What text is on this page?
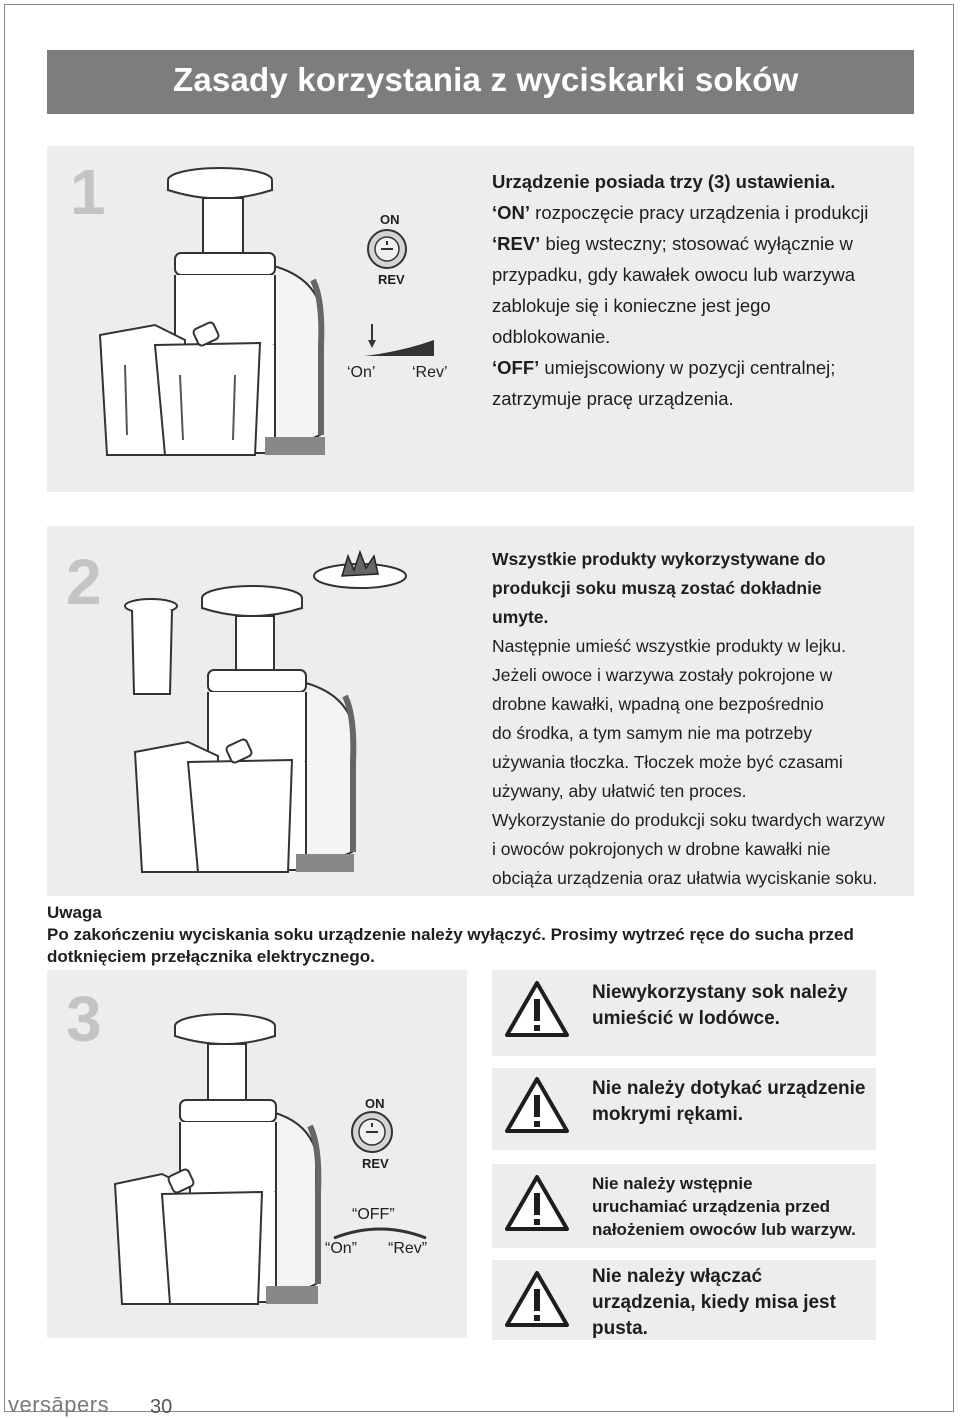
Zasady korzystania z wyciskarki soków
1	ON
REV
‘On’ ‘Rev’

Urządzenie posiada trzy (3) ustawienia.

‘ON’ rozpoczęcie pracy urządzenia i produkcji

‘REV’ bieg wsteczny; stosować wyłącznie w

przypadku, gdy kawałek owocu lub warzywa

zablokuje się i konieczne jest jego

odblokowanie.

‘OFF’ umiejscowiony w pozycji centralnej;

zatrzymuje pracę urządzenia.

2	Wszystkie produkty wykorzystywane do

produkcji soku muszą zostać dokładnie

umyte.

Następnie umieść wszystkie produkty w lejku.

Jeżeli owoce i warzywa zostały pokrojone w

drobne kawałki, wpadną one bezpośrednio

do środka, a tym samym nie ma potrzeby

używania tłoczka. Tłoczek może być czasami

używany, aby ułatwić ten proces.

Wykorzystanie do produkcji soku twardych warzyw

i owoców pokrojonych w drobne kawałki nie

obciąża urządzenia oraz ułatwia wyciskanie soku.

Uwaga
Po zakończeniu wyciskania soku urządzenie należy wyłączyć. Prosimy wytrzeć ręce do sucha przed
dotknięciem przełącznika elektrycznego.
3
ON
REV
“OFF”
“On” “Rev”
Niewykorzystany sok należy
umieścić w lodówce.
Nie należy dotykać urządzenie
mokrymi rękami.
Nie należy wstępnie
uruchamiać urządzenia przed
nałożeniem owoców lub warzyw.
Nie należy włączać
urządzenia, kiedy misa jest
pusta.
versāpers 30
